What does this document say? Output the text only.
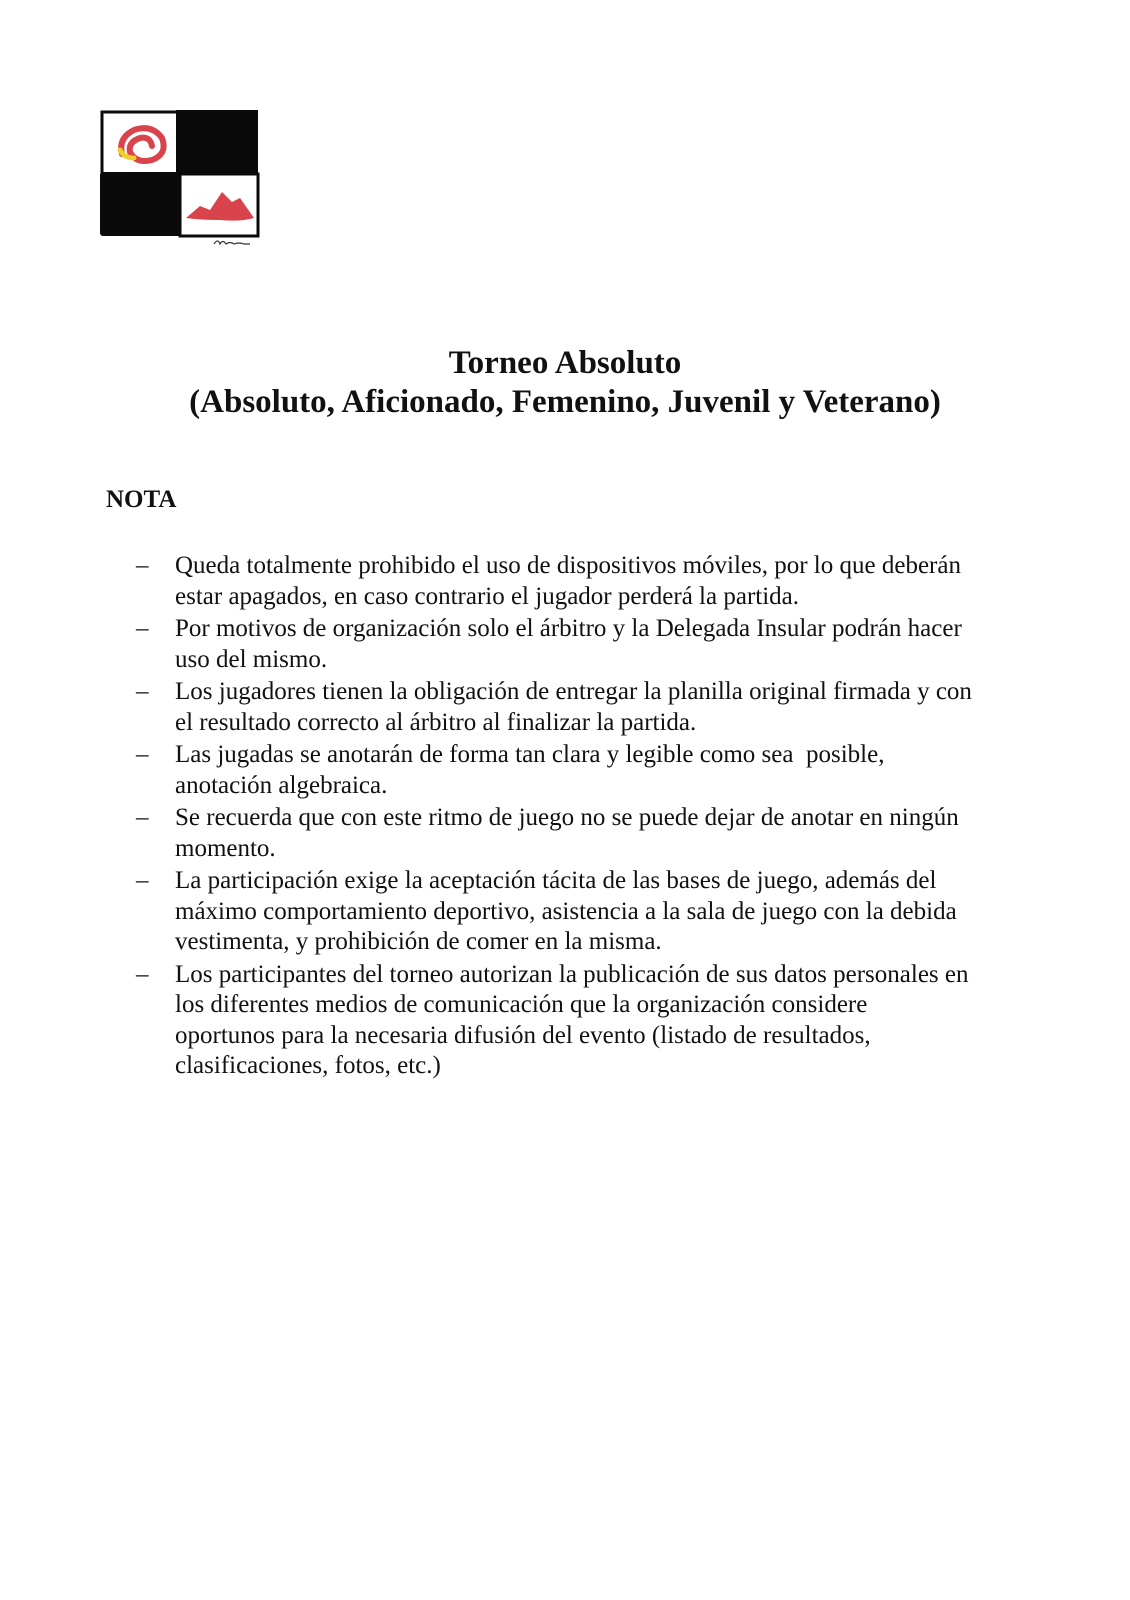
Torneo Absoluto
(Absoluto, Aficionado, Femenino, Juvenil y Veterano)
NOTA
– Queda totalmente prohibido el uso de dispositivos móviles, por lo que deberán
estar apagados, en caso contrario el jugador perderá la partida.
– Por motivos de organización solo el árbitro y la Delegada Insular podrán hacer
uso del mismo.
– Los jugadores tienen la obligación de entregar la planilla original firmada y con
el resultado correcto al árbitro al finalizar la partida.
– Las jugadas se anotarán de forma tan clara y legible como sea  posible,
anotación algebraica.
– Se recuerda que con este ritmo de juego no se puede dejar de anotar en ningún
momento.
– La participación exige la aceptación tácita de las bases de juego, además del
máximo comportamiento deportivo, asistencia a la sala de juego con la debida
vestimenta, y prohibición de comer en la misma.
– Los participantes del torneo autorizan la publicación de sus datos personales en
los diferentes medios de comunicación que la organización considere
oportunos para la necesaria difusión del evento (listado de resultados,
clasificaciones, fotos, etc.)
